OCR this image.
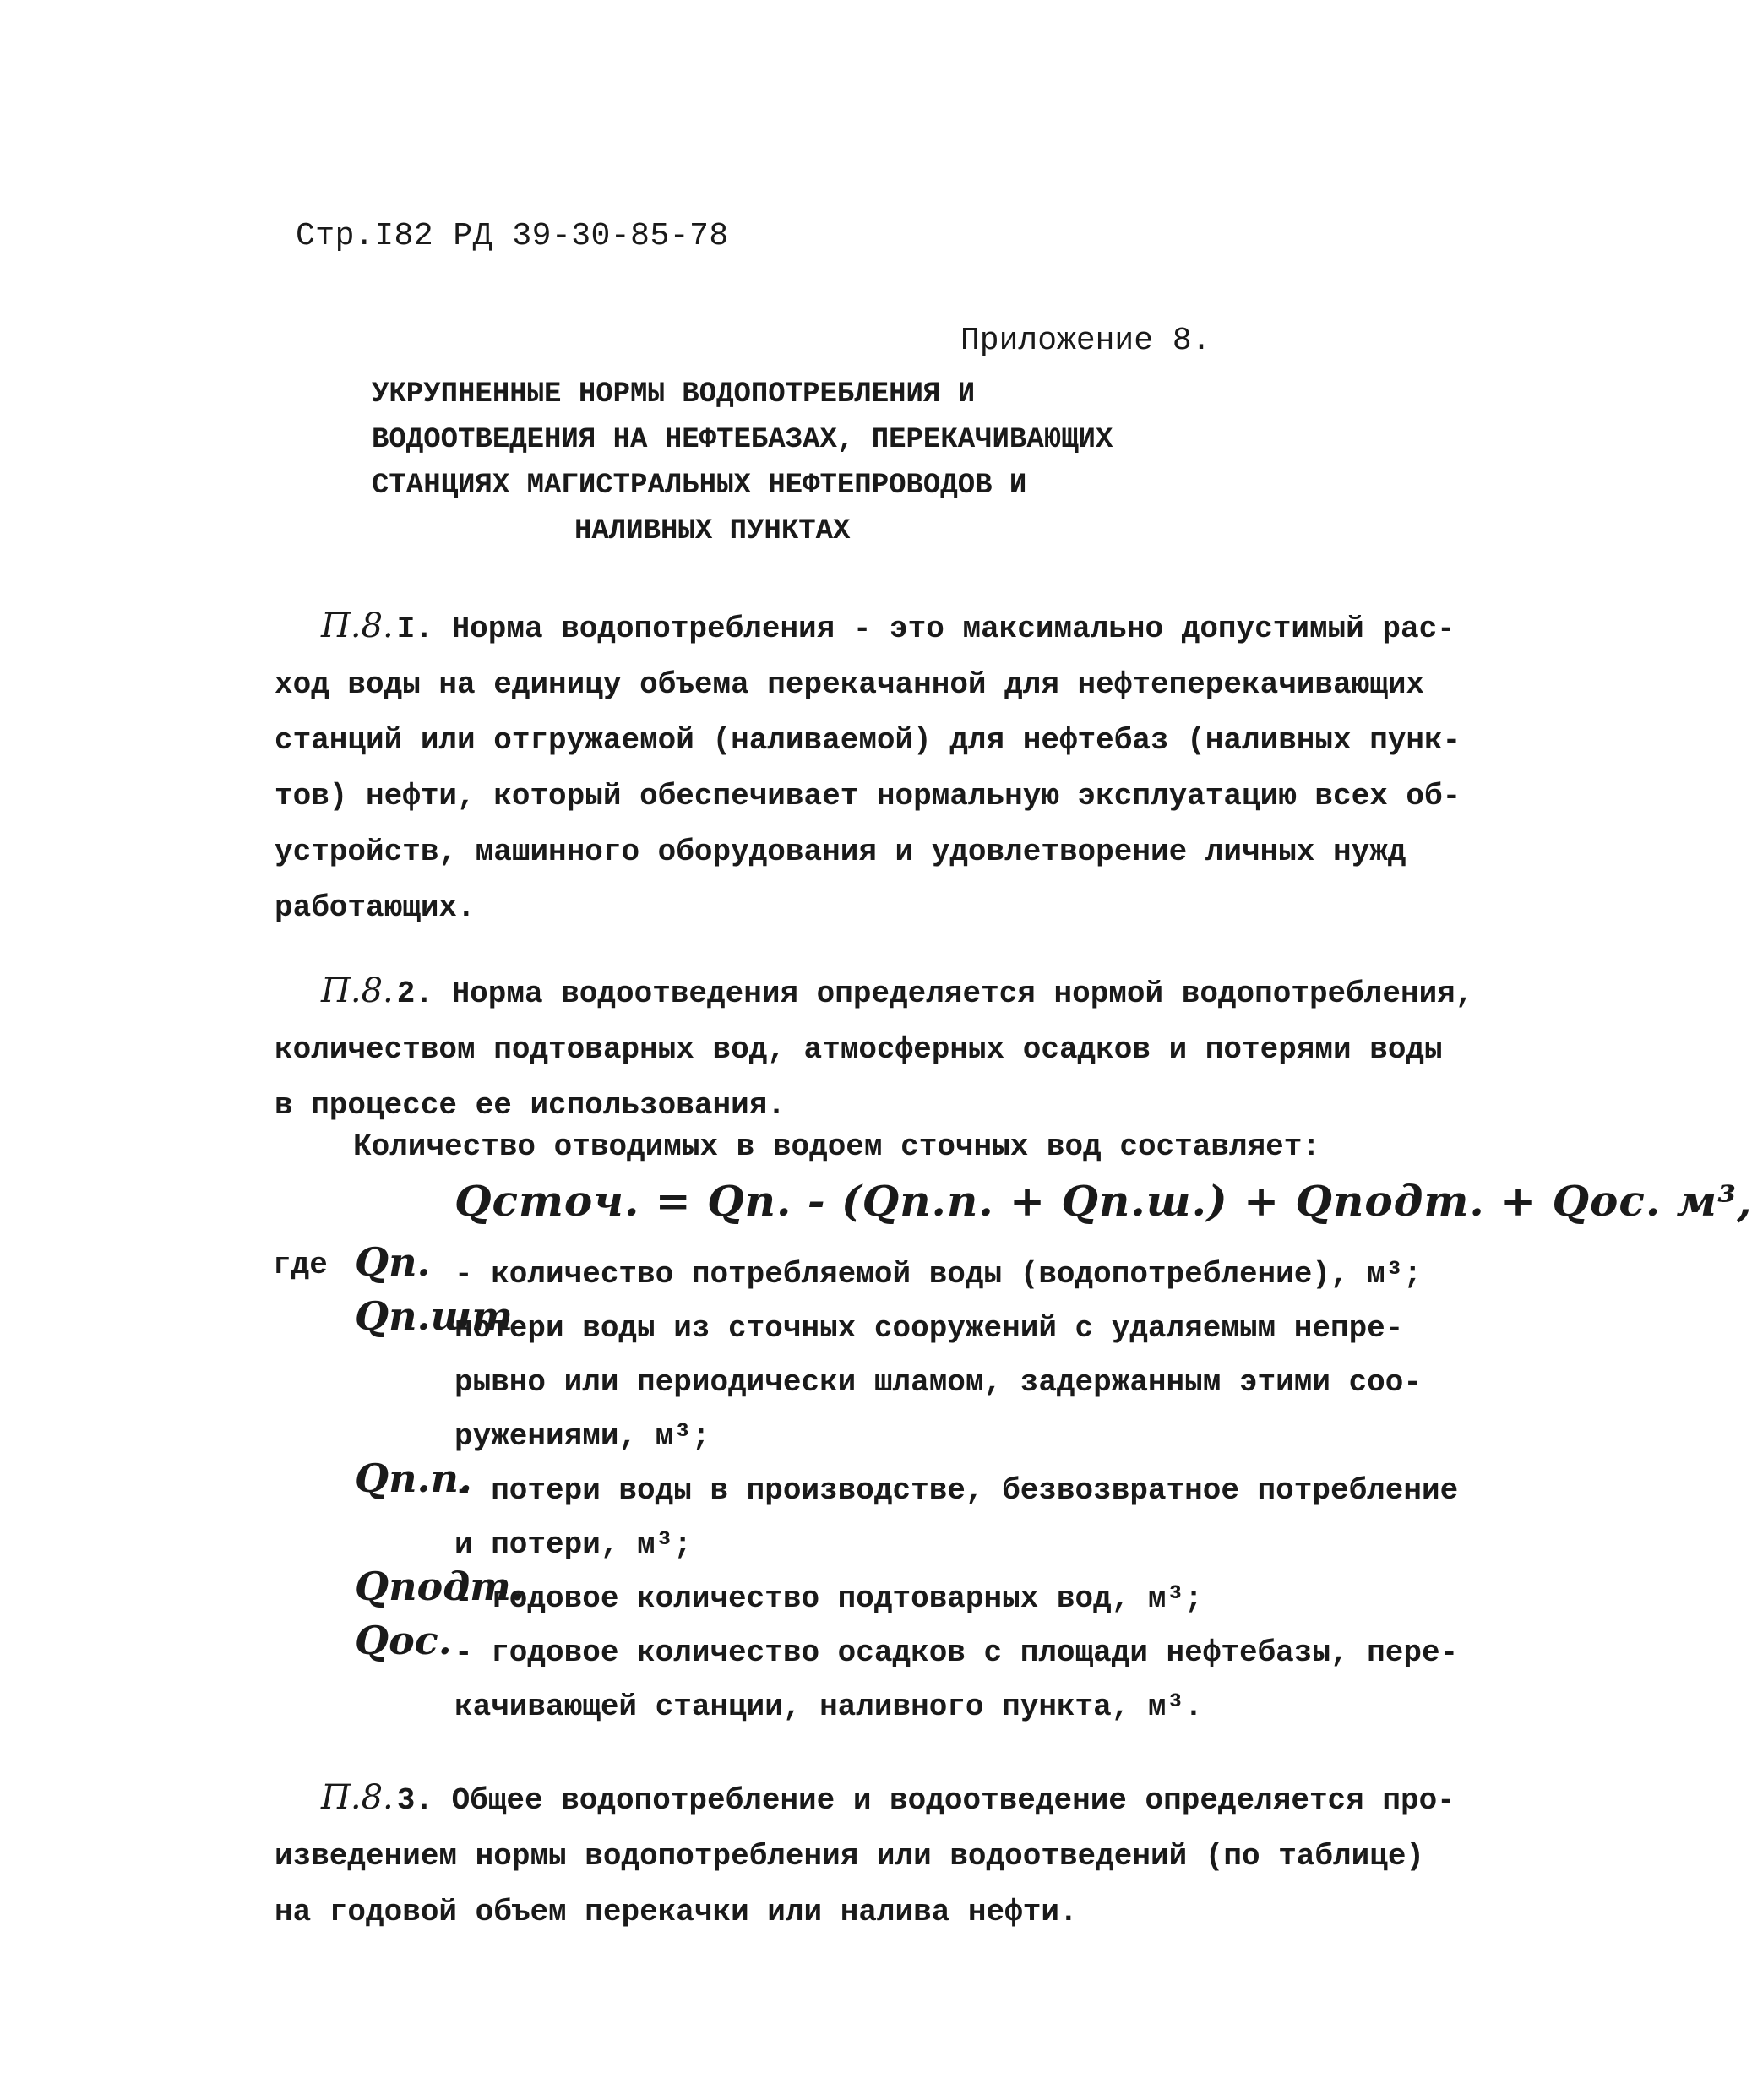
Стр.I82 РД 39-30-85-78
Приложение 8.
УКРУПНЕННЫЕ НОРМЫ ВОДОПОТРЕБЛЕНИЯ И
ВОДООТВЕДЕНИЯ НА НЕФТЕБАЗАХ, ПЕРЕКАЧИВАЮЩИХ
СТАНЦИЯХ МАГИСТРАЛЬНЫХ НЕФТЕПРОВОДОВ И
НАЛИВНЫХ ПУНКТАХ
П.8. I. Норма водопотребления - это максимально допустимый рас-
ход воды на единицу объема перекачанной для нефтеперекачивающих
станций или отгружаемой (наливаемой) для нефтебаз (наливных пунк-
тов) нефти, который обеспечивает нормальную эксплуатацию всех об-
устройств, машинного оборудования и удовлетворение личных нужд
работающих.
П.8. 2. Норма водоотведения определяется нормой водопотребления,
количеством подтоварных вод, атмосферных осадков и потерями воды
в процессе ее использования.
Количество отводимых в водоем сточных вод составляет:
Qсточ. = Qп. - (Qп.п. + Qп.ш.) + Qподт. + Qос. м³,
где Qп. - количество потребляемой воды (водопотребление), м³;
Qп.шт
потери воды из сточных сооружений с удаляемым непре-
рывно или периодически шламом, задержанным этими соо-
ружениями, м³;
Qп.п.
- потери воды в производстве, безвозвратное потребление
и потери, м³;
Qподт.
- годовое количество подтоварных вод, м³;
Qос. - годовое количество осадков с площади нефтебазы, пере-
качивающей станции, наливного пункта, м³.
П.8. 3. Общее водопотребление и водоотведение определяется про-
изведением нормы водопотребления или водоотведений (по таблице)
на годовой объем перекачки или налива нефти.
